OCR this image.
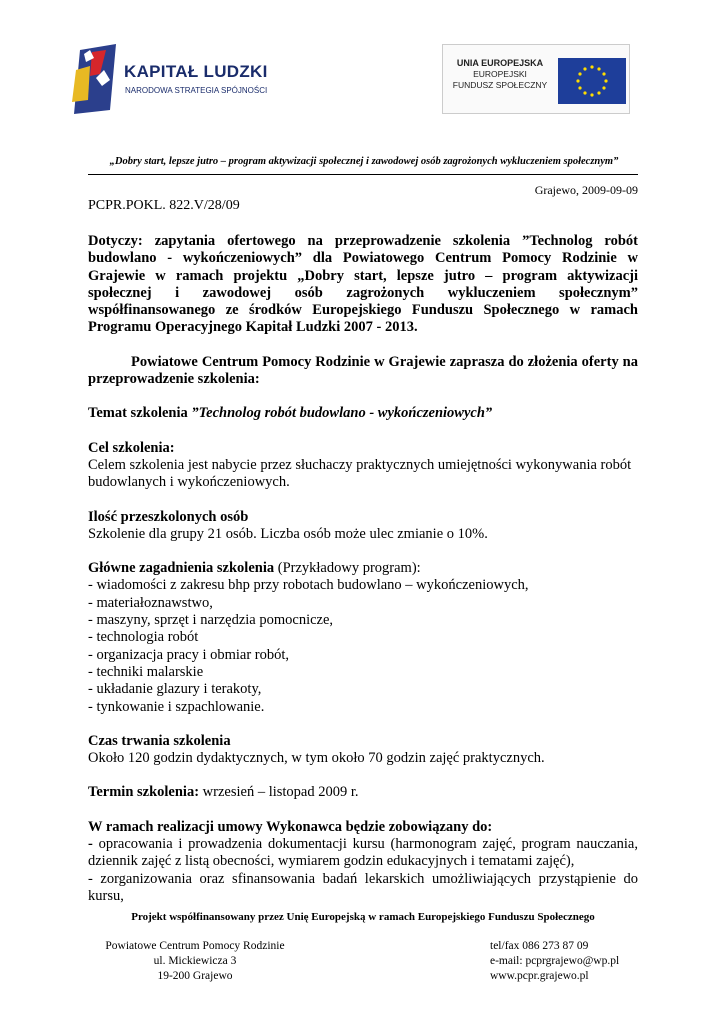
KAPITAŁ LUDZKI
NARODOWA STRATEGIA SPÓJNOŚCI
UNIA EUROPEJSKA
EUROPEJSKI
FUNDUSZ SPOŁECZNY
„Dobry start, lepsze jutro – program aktywizacji społecznej i zawodowej osób zagrożonych wykluczeniem społecznym”
Grajewo, 2009-09-09
PCPR.POKL. 822.V/28/09

Dotyczy: zapytania ofertowego na przeprowadzenie szkolenia ”Technolog robót budowlano - wykończeniowych” dla Powiatowego Centrum Pomocy Rodzinie w Grajewie w ramach projektu „Dobry start, lepsze jutro – program aktywizacji społecznej i zawodowej osób zagrożonych wykluczeniem społecznym” współfinansowanego ze środków Europejskiego Funduszu Społecznego w ramach Programu Operacyjnego Kapitał Ludzki 2007 - 2013.

Powiatowe Centrum Pomocy Rodzinie w Grajewie zaprasza do złożenia oferty na przeprowadzenie szkolenia:

Temat szkolenia ”Technolog robót budowlano - wykończeniowych”

Cel szkolenia:

Celem szkolenia jest nabycie przez słuchaczy praktycznych umiejętności wykonywania robót budowlanych i wykończeniowych.

Ilość przeszkolonych osób

Szkolenie dla grupy 21 osób. Liczba osób może ulec zmianie o 10%.

Główne zagadnienia szkolenia (Przykładowy program):

- wiadomości z zakresu bhp przy robotach budowlano – wykończeniowych,

- materiałoznawstwo,

- maszyny, sprzęt i narzędzia pomocnicze,

- technologia robót

- organizacja pracy i obmiar robót,

- techniki malarskie

- układanie glazury i terakoty,

- tynkowanie i szpachlowanie.

Czas trwania szkolenia

Około 120 godzin dydaktycznych, w tym około 70 godzin zajęć praktycznych.

Termin szkolenia: wrzesień – listopad 2009 r.

W ramach realizacji umowy Wykonawca będzie zobowiązany do:

- opracowania i prowadzenia dokumentacji kursu (harmonogram zajęć, program nauczania, dziennik zajęć z listą obecności, wymiarem godzin edukacyjnych i tematami zajęć),

- zorganizowania oraz sfinansowania badań lekarskich umożliwiających przystąpienie do kursu,

Projekt współfinansowany przez Unię Europejską w ramach Europejskiego Funduszu Społecznego
Powiatowe Centrum Pomocy Rodzinie
ul. Mickiewicza 3
19-200 Grajewo
tel/fax 086 273 87 09
e-mail: pcprgrajewo@wp.pl
www.pcpr.grajewo.pl
